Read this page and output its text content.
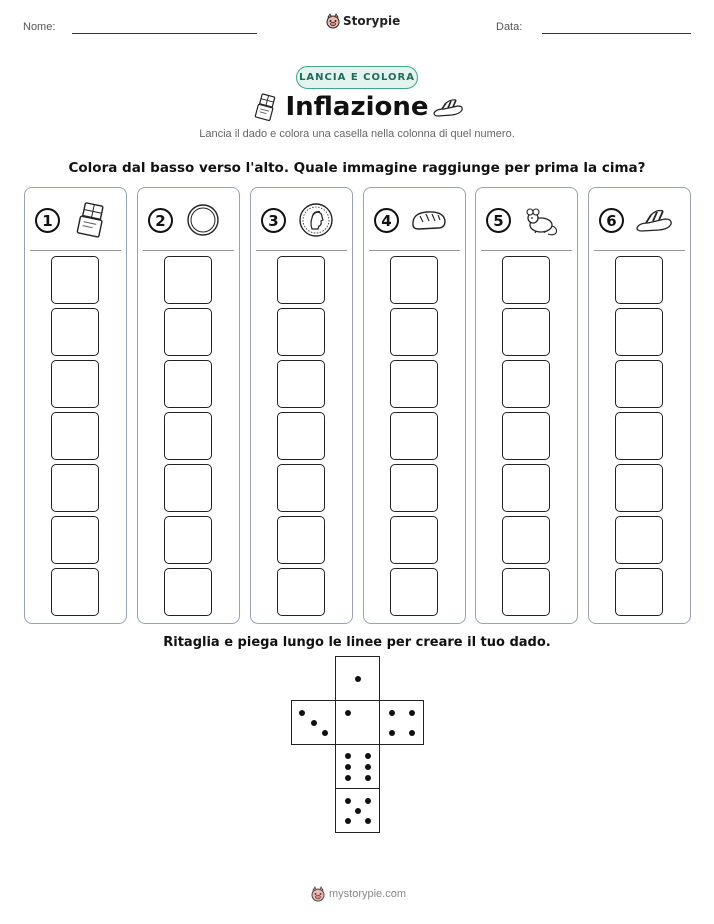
Nome:	Storypie	Data:
LANCIA E COLORA
Inflazione
Lancia il dado e colora una casella nella colonna di quel numero.
Colora dal basso verso l'alto. Quale immagine raggiunge per prima la cima?
1	2	3	4	5	6
Ritaglia e piega lungo le linee per creare il tuo dado.
mystorypie.com
